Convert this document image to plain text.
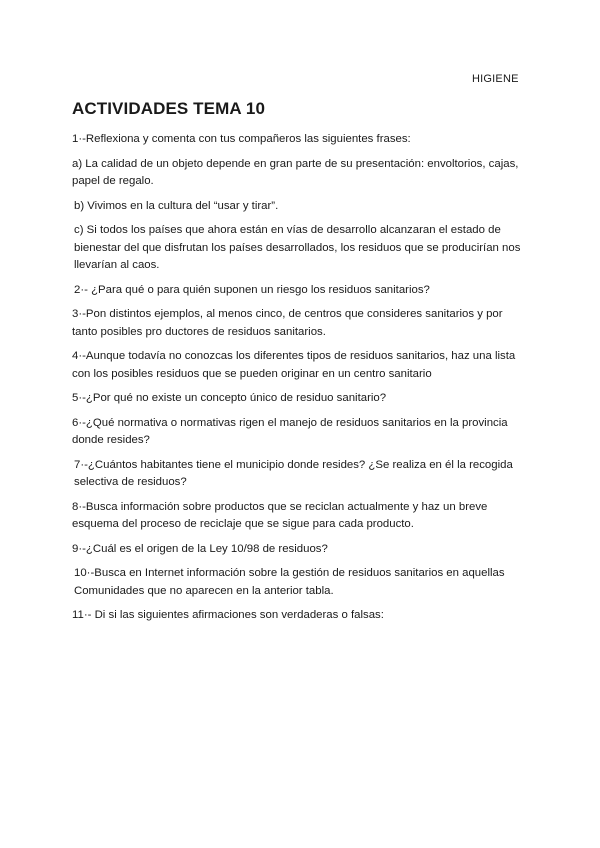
HIGIENE
ACTIVIDADES TEMA 10

1·-Reflexiona y comenta con tus compañeros las siguientes frases:

a) La calidad de un objeto depende en gran parte de su presentación: envoltorios, cajas, papel de regalo.

b) Vivimos en la cultura del “usar y tirar”.

c) Si todos los países que ahora están en vías de desarrollo alcanzaran el estado de bienestar del que disfrutan los países desarrollados, los residuos que se producirían nos llevarían al caos.

2·- ¿Para qué o para quién suponen un riesgo los residuos sanitarios?

3·-Pon distintos ejemplos, al menos cinco, de centros que consideres sanitarios y por tanto posibles pro ductores de residuos sanitarios.

4·-Aunque todavía no conozcas los diferentes tipos de residuos sanitarios, haz una lista con los posibles residuos que se pueden originar en un centro sanitario

5·-¿Por qué no existe un concepto único de residuo sanitario?

6·-¿Qué normativa o normativas rigen el manejo de residuos sanitarios en la provincia donde resides?

7·-¿Cuántos habitantes tiene el municipio donde resides? ¿Se realiza en él la recogida selectiva de residuos?

8·-Busca información sobre productos que se reciclan actualmente y haz un breve esquema del proceso de reciclaje que se sigue para cada producto.

9·-¿Cuál es el origen de la Ley 10/98 de residuos?

10·-Busca en Internet información sobre la gestión de residuos sanitarios en aquellas Comunidades que no aparecen en la anterior tabla.

11·- Di si las siguientes afirmaciones son verdaderas o falsas:
